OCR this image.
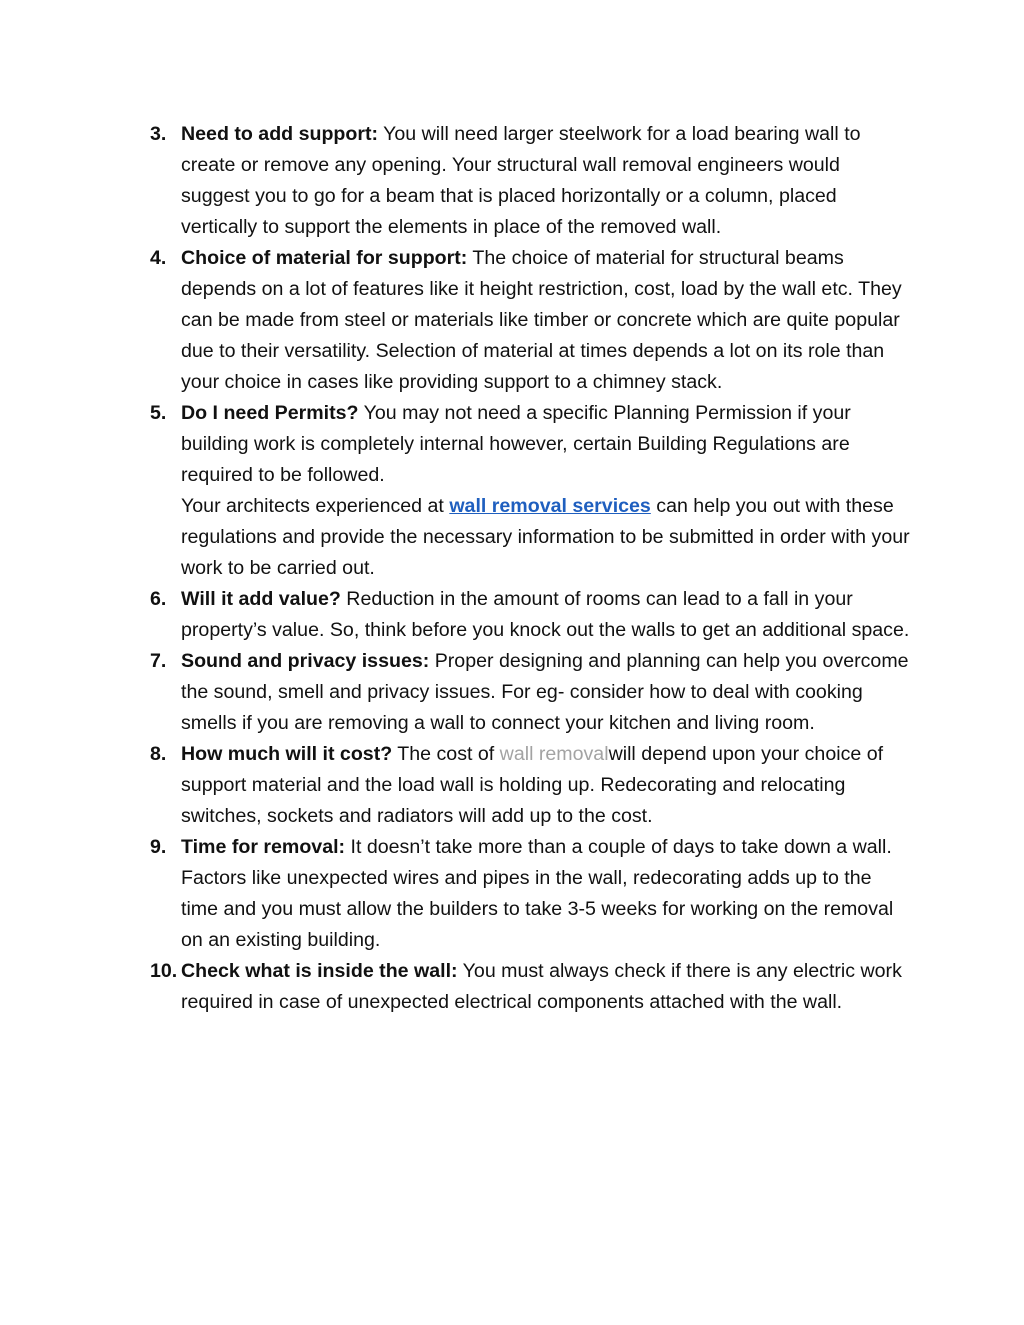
3. Need to add support: You will need larger steelwork for a load bearing wall to create or remove any opening. Your structural wall removal engineers would suggest you to go for a beam that is placed horizontally or a column, placed vertically to support the elements in place of the removed wall.
4. Choice of material for support: The choice of material for structural beams depends on a lot of features like it height restriction, cost, load by the wall etc. They can be made from steel or materials like timber or concrete which are quite popular due to their versatility. Selection of material at times depends a lot on its role than your choice in cases like providing support to a chimney stack.
5. Do I need Permits? You may not need a specific Planning Permission if your building work is completely internal however, certain Building Regulations are required to be followed.
Your architects experienced at wall removal services can help you out with these regulations and provide the necessary information to be submitted in order with your work to be carried out.
6. Will it add value? Reduction in the amount of rooms can lead to a fall in your property’s value. So, think before you knock out the walls to get an additional space.
7. Sound and privacy issues: Proper designing and planning can help you overcome the sound, smell and privacy issues. For eg- consider how to deal with cooking smells if you are removing a wall to connect your kitchen and living room.
8. How much will it cost? The cost of wall removalwill depend upon your choice of support material and the load wall is holding up. Redecorating and relocating switches, sockets and radiators will add up to the cost.
9. Time for removal: It doesn’t take more than a couple of days to take down a wall. Factors like unexpected wires and pipes in the wall, redecorating adds up to the time and you must allow the builders to take 3-5 weeks for working on the removal on an existing building.
10. Check what is inside the wall: You must always check if there is any electric work required in case of unexpected electrical components attached with the wall.
